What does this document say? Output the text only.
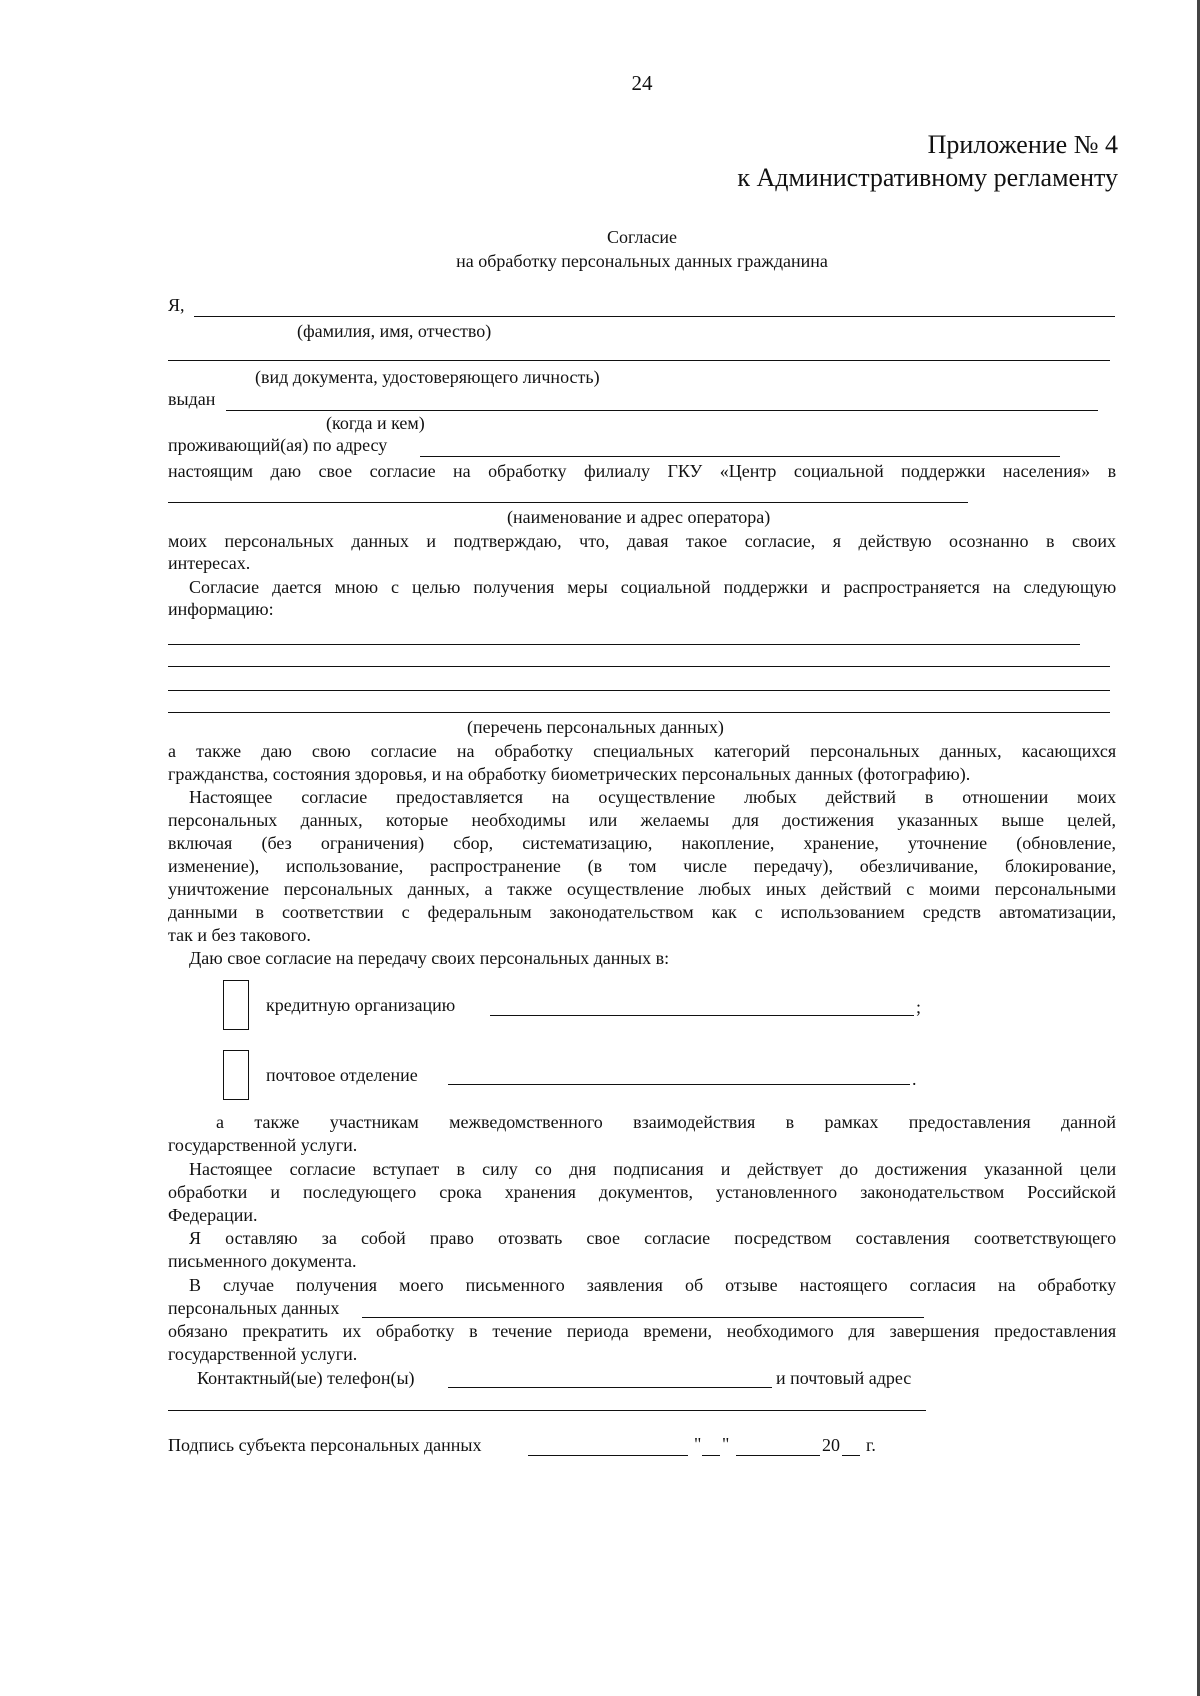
24
Приложение № 4
к Административному регламенту
Согласие
на обработку персональных данных гражданина
Я,
(фамилия, имя, отчество)
(вид документа, удостоверяющего личность)
выдан
(когда и кем)
проживающий(ая) по адресу
настоящим даю свое согласие на обработку филиалу ГКУ «Центр социальной поддержки населения» в
(наименование и адрес оператора)
моих персональных данных и подтверждаю, что, давая такое согласие, я действую осознанно в своих
интересах.
Согласие дается мною с целью получения меры социальной поддержки и распространяется на следующую
информацию:
(перечень персональных данных)
а также даю свою согласие на обработку специальных категорий персональных данных, касающихся
гражданства, состояния здоровья, и на обработку биометрических персональных данных (фотографию).
Настоящее согласие предоставляется на осуществление любых действий в отношении моих
персональных данных, которые необходимы или желаемы для достижения указанных выше целей,
включая (без ограничения) сбор, систематизацию, накопление, хранение, уточнение (обновление,
изменение), использование, распространение (в том числе передачу), обезличивание, блокирование,
уничтожение персональных данных, а также осуществление любых иных действий с моими персональными
данными в соответствии с федеральным законодательством как с использованием средств автоматизации,
так и без такового.
Даю свое согласие на передачу своих персональных данных в:
кредитную организацию	;
почтовое отделение	.
а также участникам межведомственного взаимодействия в рамках предоставления данной
государственной услуги.
Настоящее согласие вступает в силу со дня подписания и действует до достижения указанной цели
обработки и последующего срока хранения документов, установленного законодательством Российской
Федерации.
Я оставляю за собой право отозвать свое согласие посредством составления соответствующего
письменного документа.
В случае получения моего письменного заявления об отзыве настоящего согласия на обработку
персональных данных
обязано прекратить их обработку в течение периода времени, необходимого для завершения предоставления
государственной услуги.
Контактный(ые) телефон(ы)	и почтовый адрес
Подпись субъекта персональных данных	" "	20 г.
